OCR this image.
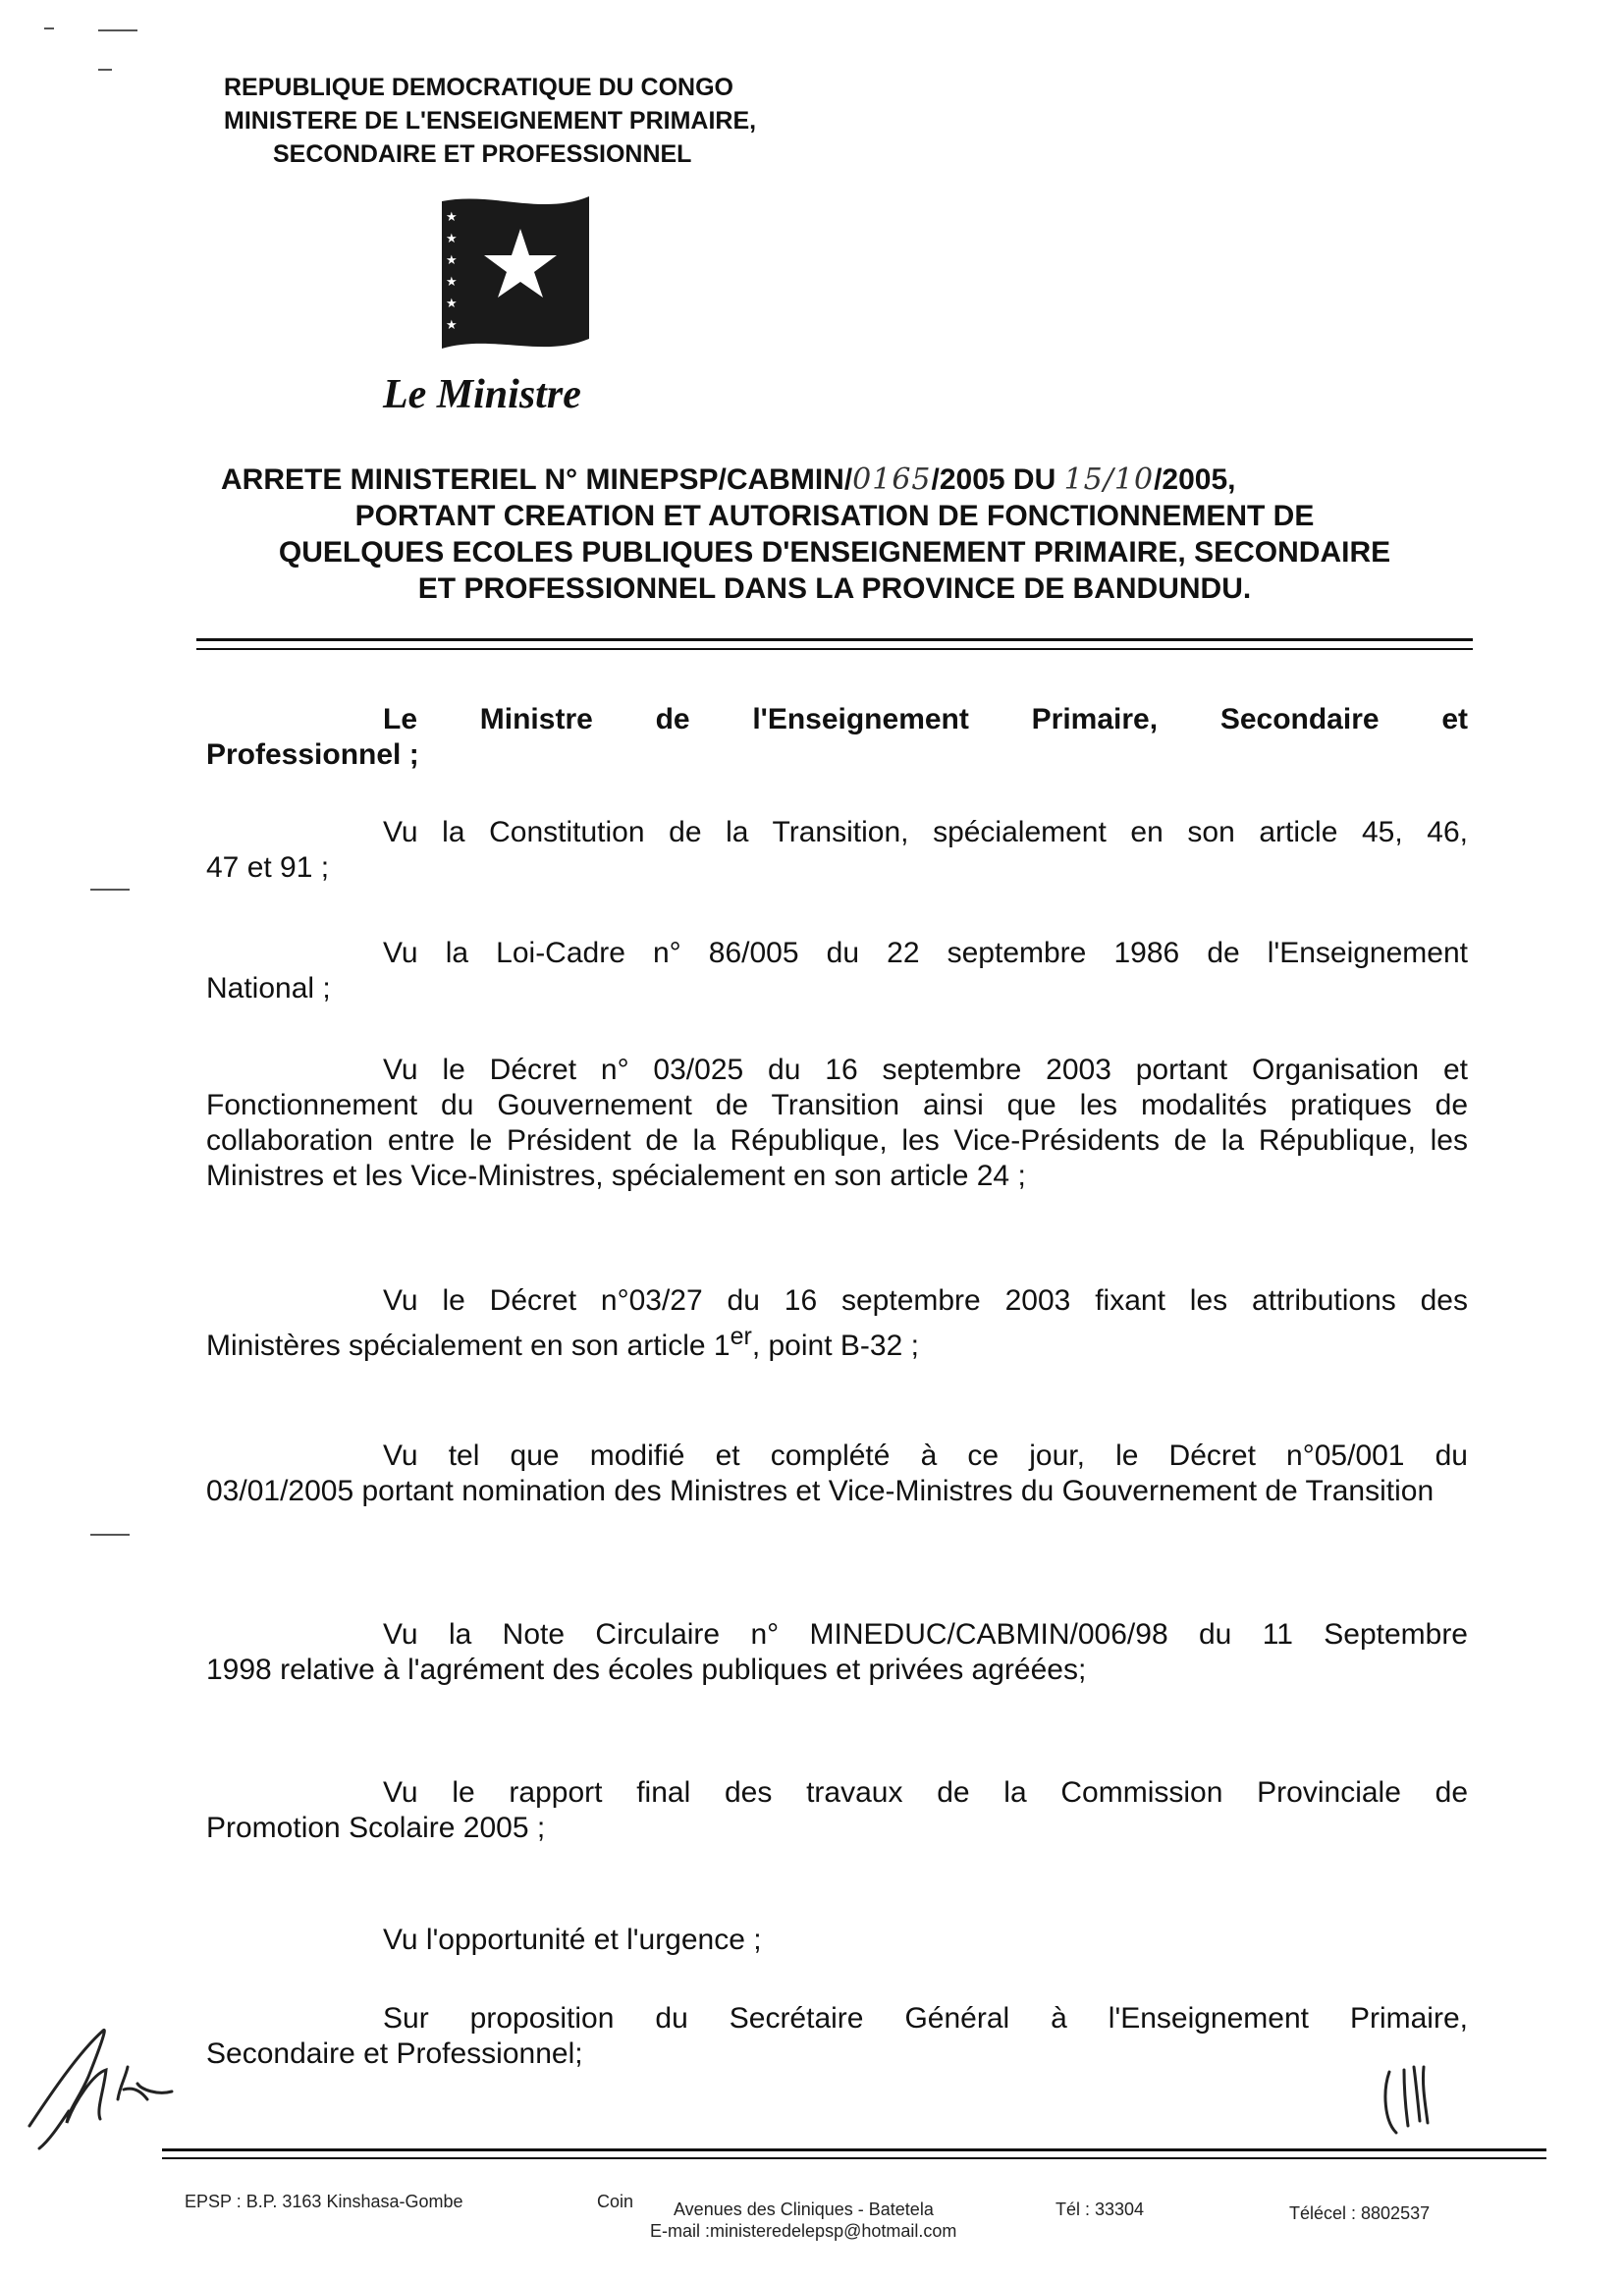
REPUBLIQUE DEMOCRATIQUE DU CONGO
MINISTERE DE L'ENSEIGNEMENT PRIMAIRE,
SECONDAIRE ET PROFESSIONNEL
★
★
★
★
★
★
Le Ministre
ARRETE MINISTERIEL N° MINEPSP/CABMIN/0165/2005 DU 15/10/2005,
PORTANT CREATION ET AUTORISATION DE FONCTIONNEMENT DE
QUELQUES ECOLES PUBLIQUES D'ENSEIGNEMENT PRIMAIRE, SECONDAIRE
ET PROFESSIONNEL DANS LA PROVINCE DE BANDUNDU.
Le Ministre de l'Enseignement Primaire, Secondaire et
Professionnel ;
Vu la Constitution de la Transition, spécialement en son article 45, 46,
47 et 91 ;
Vu la Loi-Cadre n° 86/005 du 22 septembre 1986 de l'Enseignement
National ;
Vu le Décret n° 03/025 du 16 septembre 2003 portant Organisation et
Fonctionnement du Gouvernement de Transition ainsi que les modalités pratiques de collaboration entre le Président de la République, les Vice-Présidents de la République, les Ministres et les Vice-Ministres, spécialement en son article 24 ;
Vu le Décret n°03/27 du 16 septembre 2003 fixant les attributions des
Ministères spécialement en son article 1er, point B-32 ;
Vu tel que modifié et complété à ce jour, le Décret n°05/001 du
03/01/2005 portant nomination des Ministres et Vice-Ministres du Gouvernement de Transition
Vu la Note Circulaire n° MINEDUC/CABMIN/006/98 du 11 Septembre
1998 relative à l'agrément des écoles publiques et privées agréées;
Vu le rapport final des travaux de la Commission Provinciale de
Promotion Scolaire 2005 ;
Vu l'opportunité et l'urgence ;
Sur proposition du Secrétaire Général à l'Enseignement Primaire,
Secondaire et Professionnel;
EPSP : B.P. 3163 Kinshasa-Gombe	Coin Avenues des Cliniques - Batetela
E-mail :ministeredelepsp@hotmail.com
Tél : 33304	Télécel : 8802537
